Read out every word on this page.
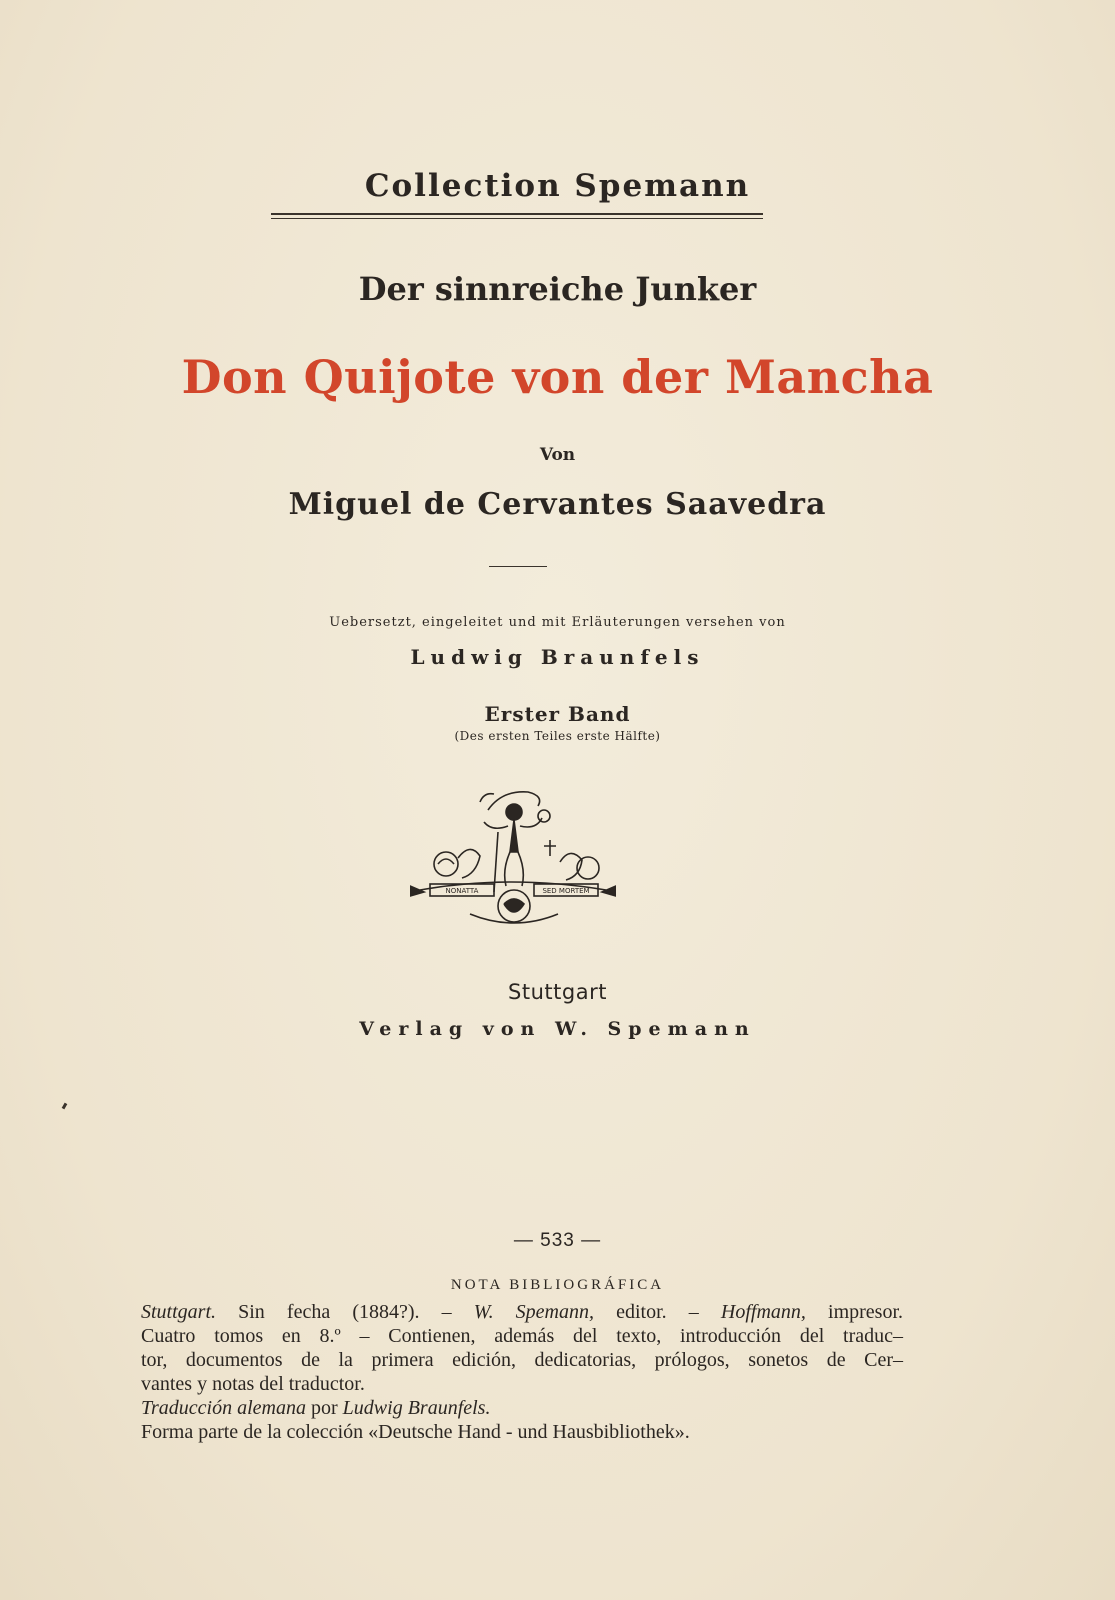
Collection Spemann
Der sinnreiche Junker
Don Quijote von der Mancha
Von
Miguel de Cervantes Saavedra
Uebersetzt, eingeleitet und mit Erläuterungen versehen von
Ludwig Braunfels
Erster Band
(Des ersten Teiles erste Hälfte)
NONATTA	SED MORTEM
Stuttgart
Verlag von W. Spemann
— 533 —
NOTA BIBLIOGRÁFICA

Stuttgart. Sin fecha (1884?). – W. Spemann, editor. – Hoffmann, impresor.

Cuatro tomos en 8.º – Contienen, además del texto, introducción del traduc–

tor, documentos de la primera edición, dedicatorias, prólogos, sonetos de Cer–

vantes y notas del traductor.

Traducción alemana por Ludwig Braunfels.

Forma parte de la colección «Deutsche Hand - und Hausbibliothek».
